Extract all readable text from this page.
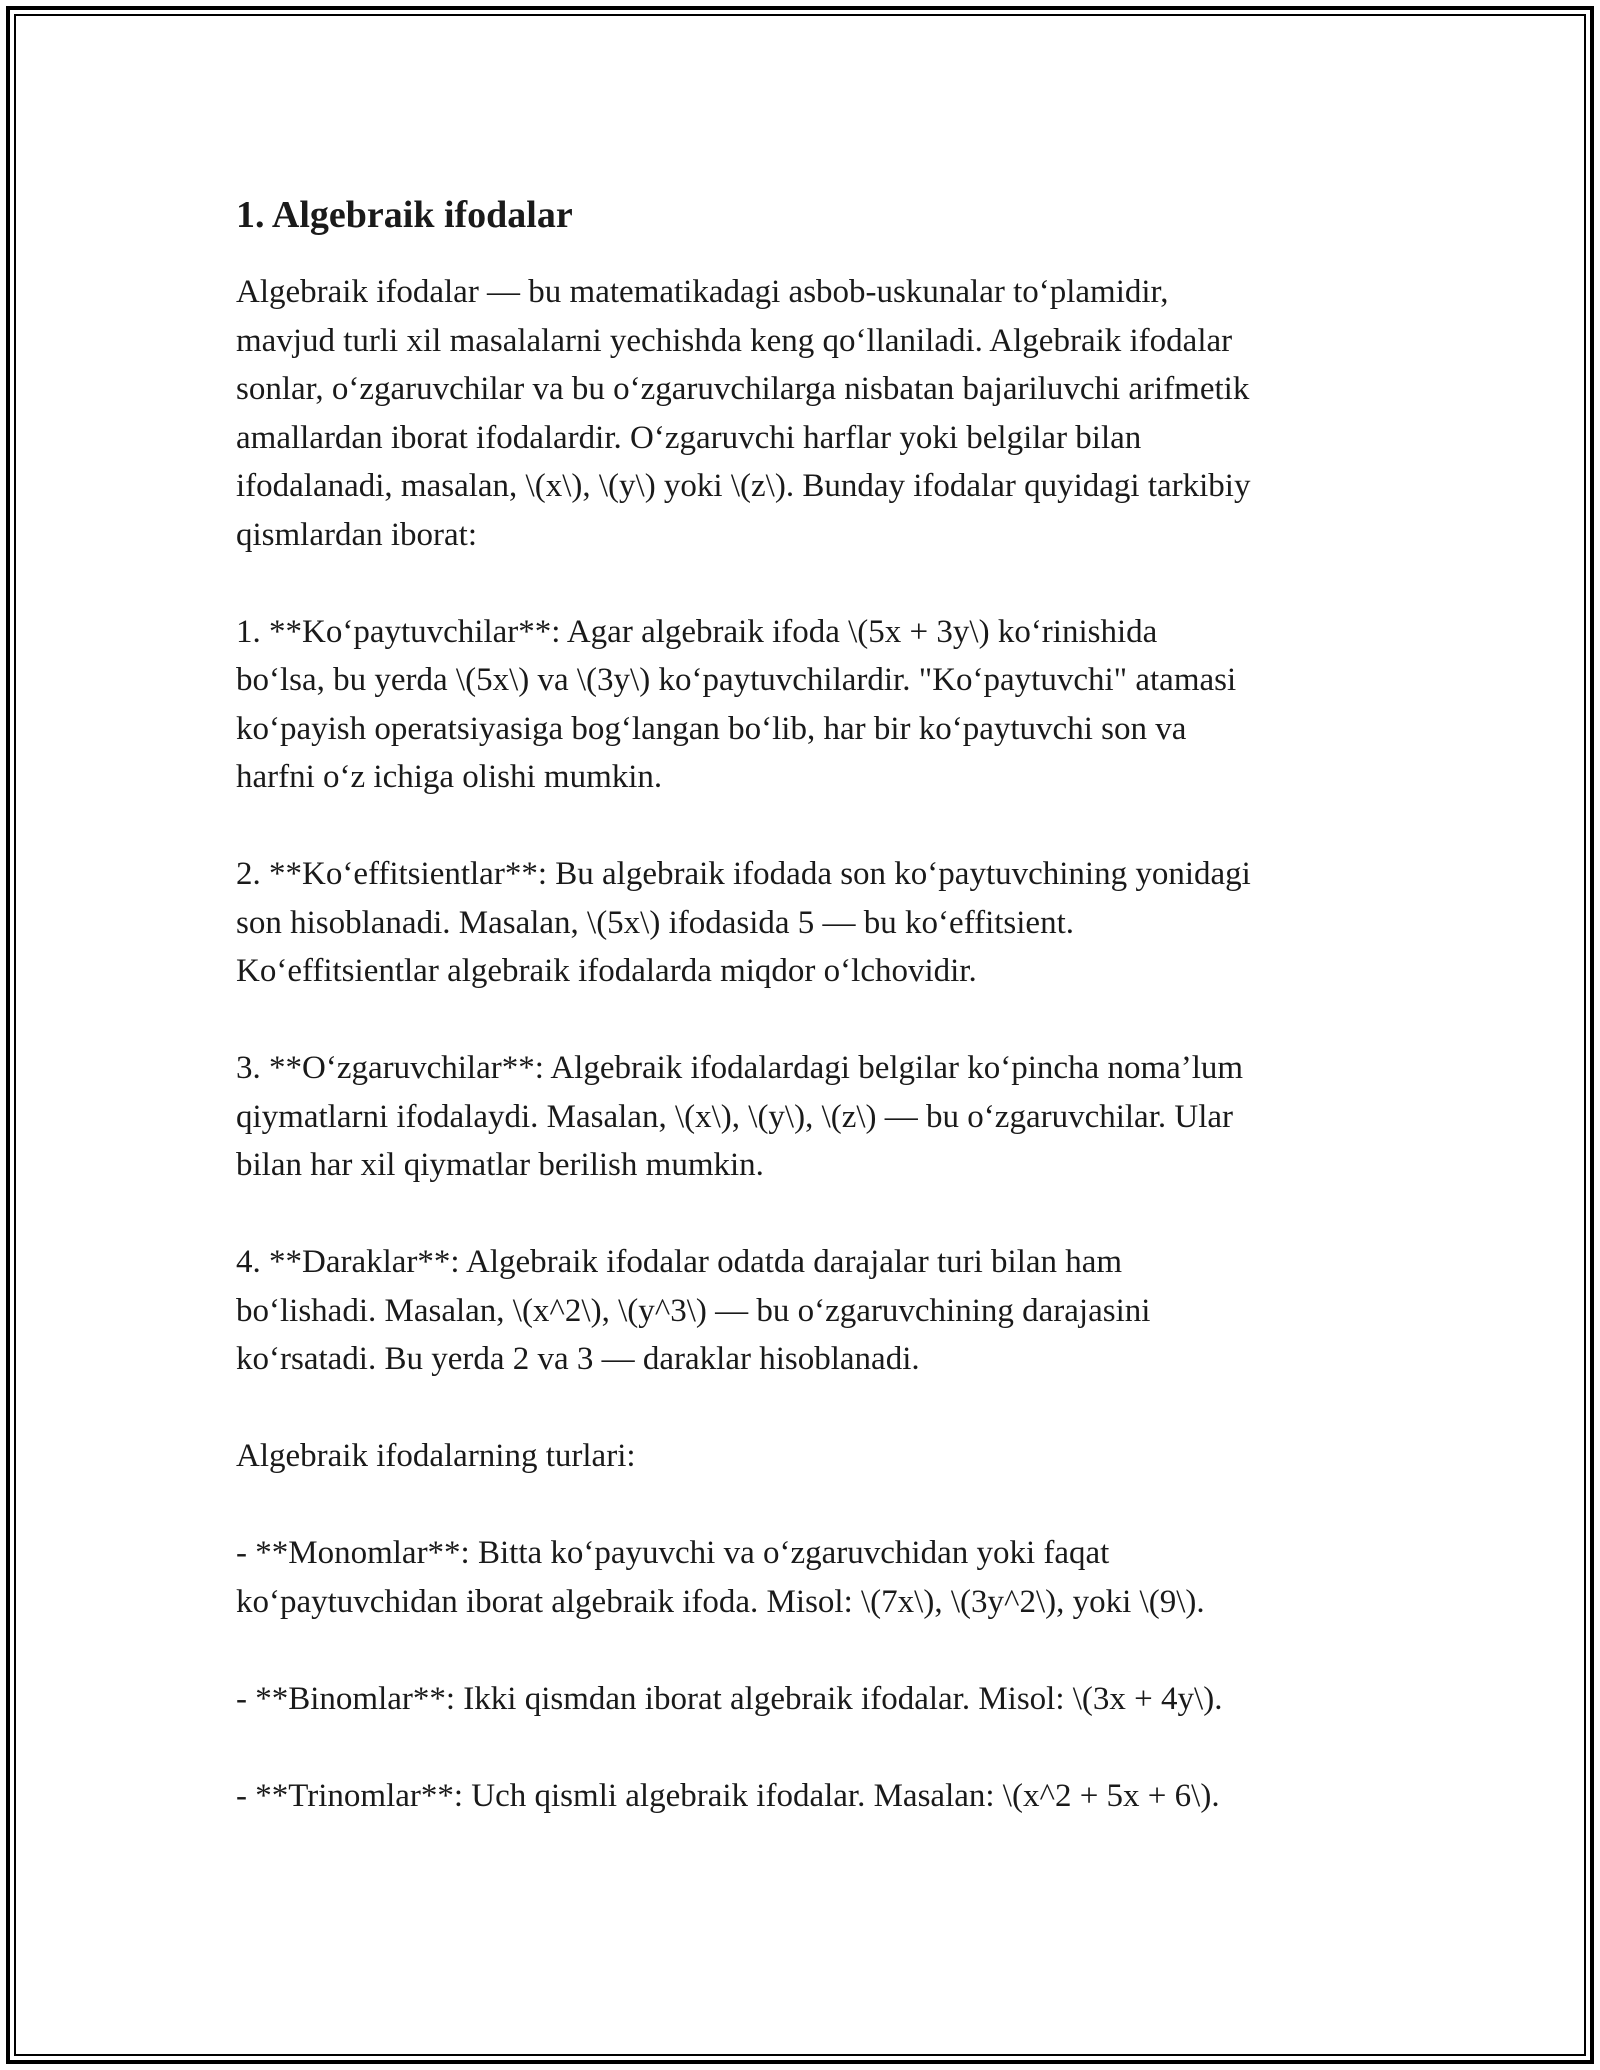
1. Algebraik ifodalar

Algebraik ifodalar — bu matematikadagi asbob-uskunalar to‘plamidir,
mavjud turli xil masalalarni yechishda keng qo‘llaniladi. Algebraik ifodalar
sonlar, o‘zgaruvchilar va bu o‘zgaruvchilarga nisbatan bajariluvchi arifmetik
amallardan iborat ifodalardir. O‘zgaruvchi harflar yoki belgilar bilan
ifodalanadi, masalan, \(x\), \(y\) yoki \(z\). Bunday ifodalar quyidagi tarkibiy
qismlardan iborat:

1. **Ko‘paytuvchilar**: Agar algebraik ifoda \(5x + 3y\) ko‘rinishida
bo‘lsa, bu yerda \(5x\) va \(3y\) ko‘paytuvchilardir. "Ko‘paytuvchi" atamasi
ko‘payish operatsiyasiga bog‘langan bo‘lib, har bir ko‘paytuvchi son va
harfni o‘z ichiga olishi mumkin.

2. **Ko‘effitsientlar**: Bu algebraik ifodada son ko‘paytuvchining yonidagi
son hisoblanadi. Masalan, \(5x\) ifodasida 5 — bu ko‘effitsient.
Ko‘effitsientlar algebraik ifodalarda miqdor o‘lchovidir.

3. **O‘zgaruvchilar**: Algebraik ifodalardagi belgilar ko‘pincha noma’lum
qiymatlarni ifodalaydi. Masalan, \(x\), \(y\), \(z\) — bu o‘zgaruvchilar. Ular
bilan har xil qiymatlar berilish mumkin.

4. **Daraklar**: Algebraik ifodalar odatda darajalar turi bilan ham
bo‘lishadi. Masalan, \(x^2\), \(y^3\) — bu o‘zgaruvchining darajasini
ko‘rsatadi. Bu yerda 2 va 3 — daraklar hisoblanadi.

Algebraik ifodalarning turlari:

- **Monomlar**: Bitta ko‘payuvchi va o‘zgaruvchidan yoki faqat
ko‘paytuvchidan iborat algebraik ifoda. Misol: \(7x\), \(3y^2\), yoki \(9\).

- **Binomlar**: Ikki qismdan iborat algebraik ifodalar. Misol: \(3x + 4y\).

- **Trinomlar**: Uch qismli algebraik ifodalar. Masalan: \(x^2 + 5x + 6\).
